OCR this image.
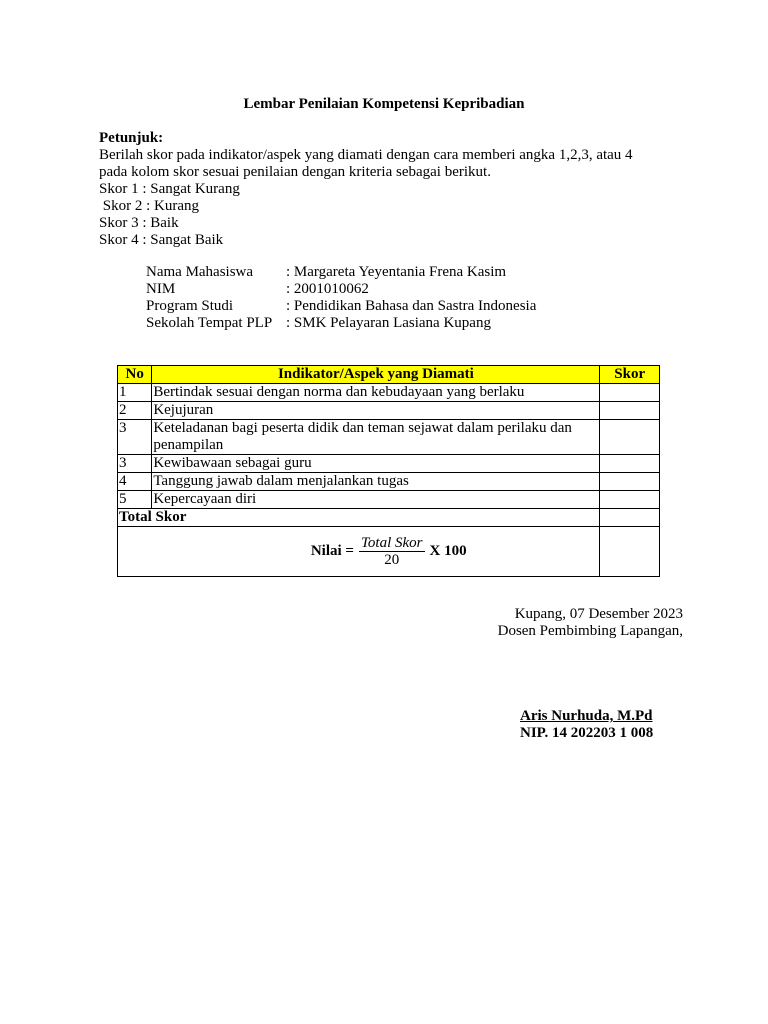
Lembar Penilaian Kompetensi Kepribadian
Petunjuk:
Berilah skor pada indikator/aspek yang diamati dengan cara memberi angka 1,2,3, atau 4
pada kolom skor sesuai penilaian dengan kriteria sebagai berikut.
Skor 1 : Sangat Kurang
Skor 2 : Kurang
Skor 3 : Baik
Skor 4 : Sangat Baik
Nama Mahasiswa	: Margareta Yeyentania Frena Kasim
NIM	: 2001010062
Program Studi	: Pendidikan Bahasa dan Sastra Indonesia
Sekolah Tempat PLP : SMK Pelayaran Lasiana Kupang
No	Indikator/Aspek yang Diamati	Skor
1	Bertindak sesuai dengan norma dan kebudayaan yang berlaku	
2	Kejujuran	
3	Keteladanan bagi peserta didik dan teman sejawat dalam perilaku dan penampilan	
3	Kewibawaan sebagai guru	
4	Tanggung jawab dalam menjalankan tugas	
5	Kepercayaan diri	
Total Skor		

Nilai = $\frac{\text{Total Skor}}{20}$ X 100		

Kupang, 07 Desember 2023
Dosen Pembimbing Lapangan,
Aris Nurhuda, M.Pd
NIP. 14 202203 1 008
